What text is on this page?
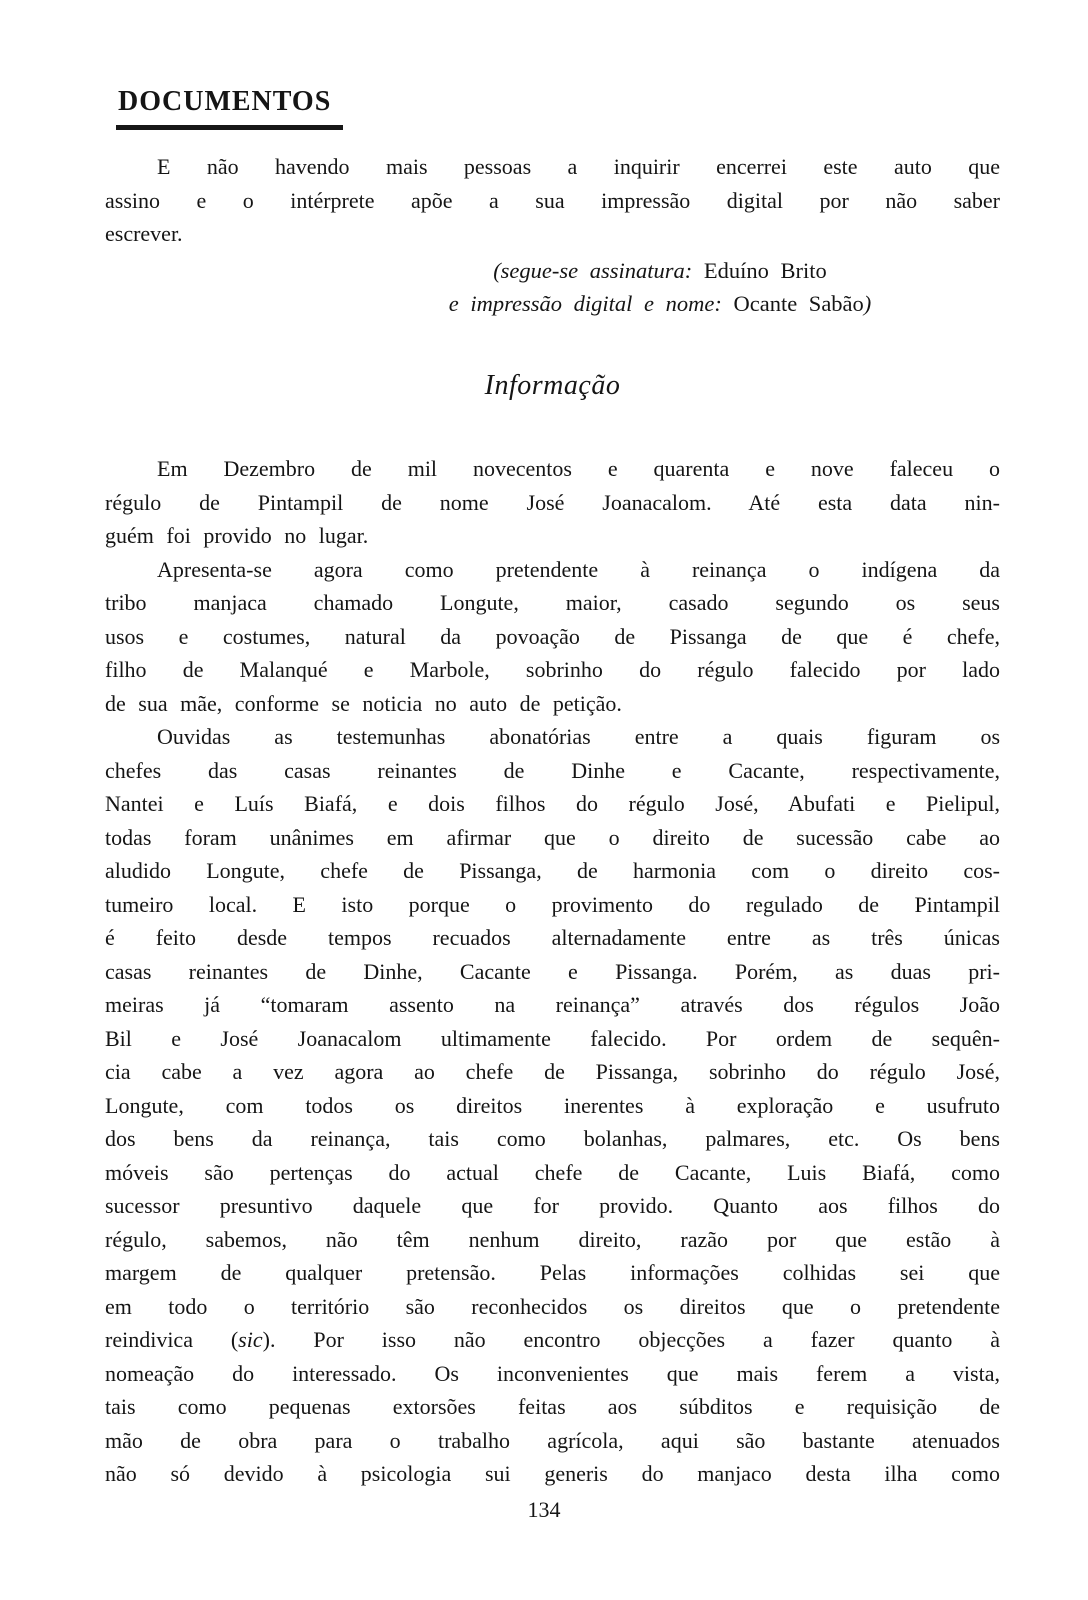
DOCUMENTOS
E não havendo mais pessoas a inquirir encerrei este auto que
assino e o intérprete apõe a sua impressão digital por não saber
escrever.
(segue-se assinatura: Eduíno Brito
e impressão digital e nome: Ocante Sabão)
Informação
Em Dezembro de mil novecentos e quarenta e nove faleceu o
régulo de Pintampil de nome José Joanacalom. Até esta data nin-
guém foi provido no lugar.
Apresenta-se agora como pretendente à reinança o indígena da
tribo manjaca chamado Longute, maior, casado segundo os seus
usos e costumes, natural da povoação de Pissanga de que é chefe,
filho de Malanqué e Marbole, sobrinho do régulo falecido por lado
de sua mãe, conforme se noticia no auto de petição.
Ouvidas as testemunhas abonatórias entre a quais figuram os
chefes das casas reinantes de Dinhe e Cacante, respectivamente,
Nantei e Luís Biafá, e dois filhos do régulo José, Abufati e Pielipul,
todas foram unânimes em afirmar que o direito de sucessão cabe ao
aludido Longute, chefe de Pissanga, de harmonia com o direito cos-
tumeiro local. E isto porque o provimento do regulado de Pintampil
é feito desde tempos recuados alternadamente entre as três únicas
casas reinantes de Dinhe, Cacante e Pissanga. Porém, as duas pri-
meiras já “tomaram assento na reinança” através dos régulos João
Bil e José Joanacalom ultimamente falecido. Por ordem de sequên-
cia cabe a vez agora ao chefe de Pissanga, sobrinho do régulo José,
Longute, com todos os direitos inerentes à exploração e usufruto
dos bens da reinança, tais como bolanhas, palmares, etc. Os bens
móveis são pertenças do actual chefe de Cacante, Luis Biafá, como
sucessor presuntivo daquele que for provido. Quanto aos filhos do
régulo, sabemos, não têm nenhum direito, razão por que estão à
margem de qualquer pretensão. Pelas informações colhidas sei que
em todo o território são reconhecidos os direitos que o pretendente
reindivica (sic). Por isso não encontro objecções a fazer quanto à
nomeação do interessado. Os inconvenientes que mais ferem a vista,
tais como pequenas extorsões feitas aos súbditos e requisição de
mão de obra para o trabalho agrícola, aqui são bastante atenuados
não só devido à psicologia sui generis do manjaco desta ilha como
134
